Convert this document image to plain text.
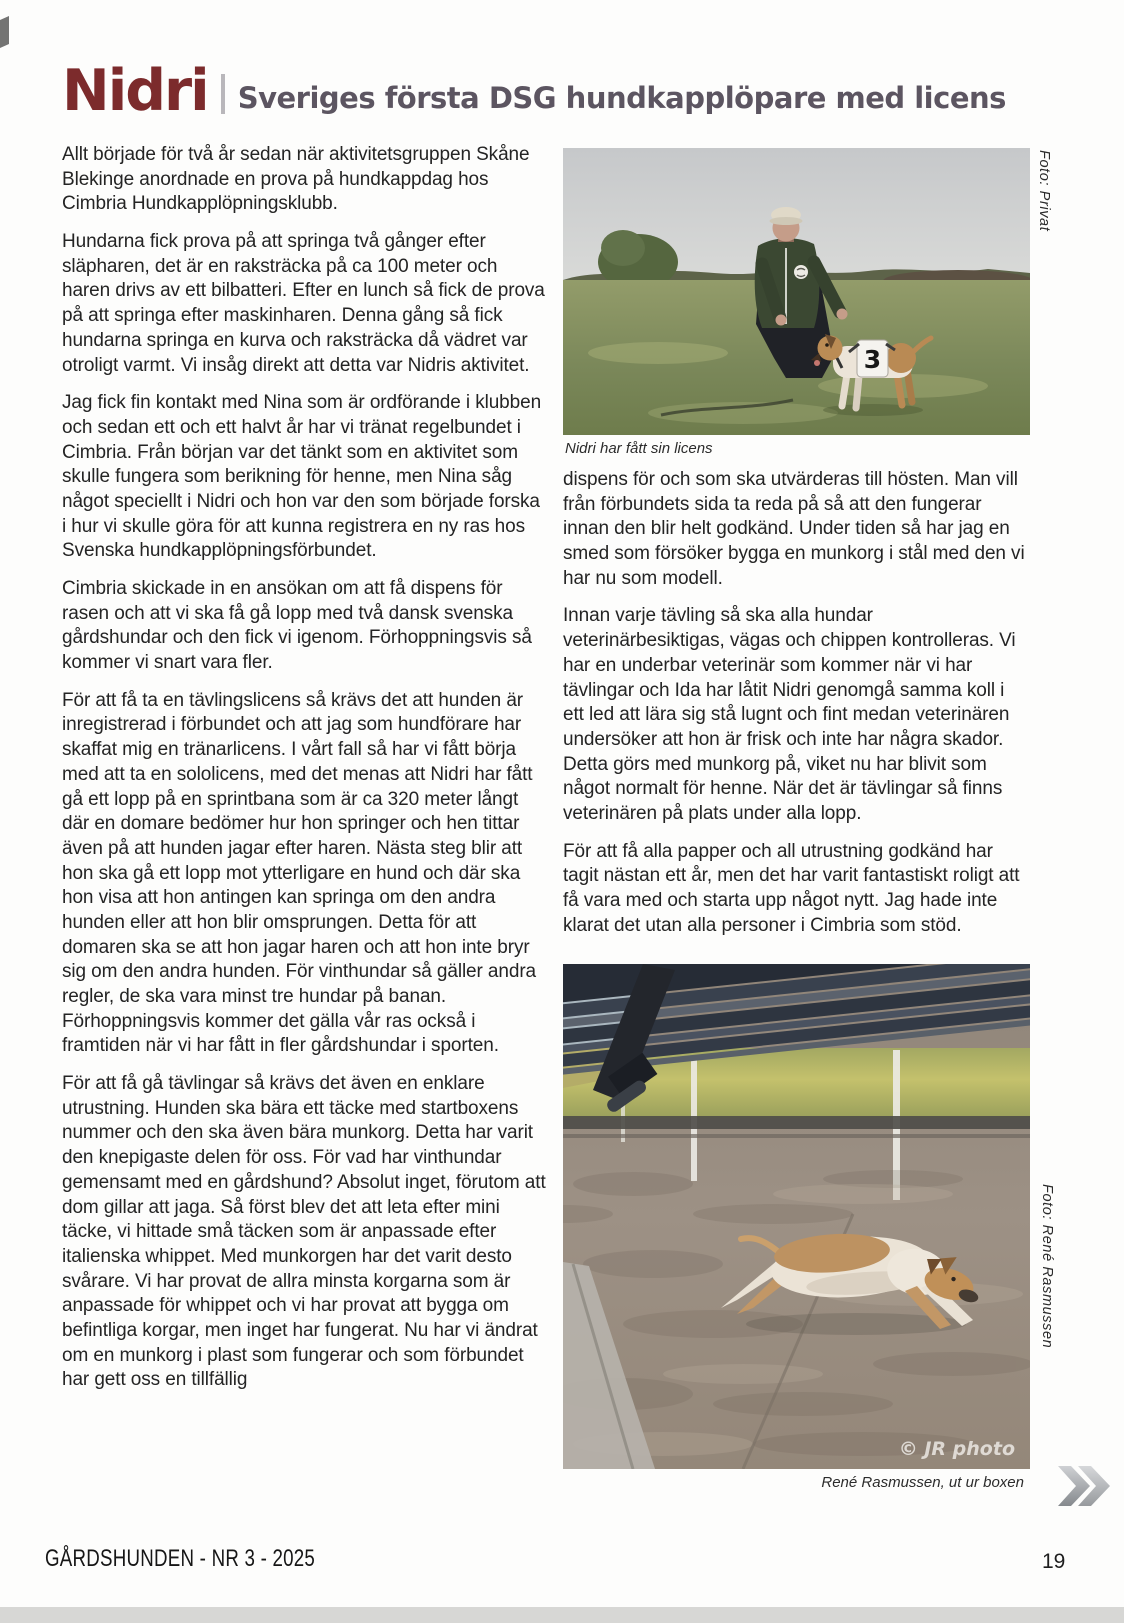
Nidri Sveriges första DSG hundkapplöpare med licens

Allt började för två år sedan när aktivitetsgruppen Skåne Blekinge anordnade en prova på hundkappdag hos Cimbria Hundkapplöpningsklubb.

Hundarna fick prova på att springa två gånger efter släpharen, det är en raksträcka på ca 100 meter och haren drivs av ett bilbatteri. Efter en lunch så fick de prova på att springa efter maskinharen. Denna gång så fick hundarna springa en kurva och raksträcka då vädret var otroligt varmt. Vi insåg direkt att detta var Nidris aktivitet.

Jag fick fin kontakt med Nina som är ordförande i klubben och sedan ett och ett halvt år har vi tränat regelbundet i Cimbria. Från början var det tänkt som en aktivitet som skulle fungera som berikning för henne, men Nina såg något speciellt i Nidri och hon var den som började forska i hur vi skulle göra för att kunna registrera en ny ras hos Svenska hundkapplöpningsförbundet.

Cimbria skickade in en ansökan om att få dispens för rasen och att vi ska få gå lopp med två dansk svenska gårdshundar och den fick vi igenom. Förhoppningsvis så kommer vi snart vara fler.

För att få ta en tävlingslicens så krävs det att hunden är inregistrerad i förbundet och att jag som hundförare har skaffat mig en tränarlicens. I vårt fall så har vi fått börja med att ta en sololicens, med det menas att Nidri har fått gå ett lopp på en sprintbana som är ca 320 meter långt där en domare bedömer hur hon springer och hen tittar även på att hunden jagar efter haren. Nästa steg blir att hon ska gå ett lopp mot ytterligare en hund och där ska hon visa att hon antingen kan springa om den andra hunden eller att hon blir omsprungen. Detta för att domaren ska se att hon jagar haren och att hon inte bryr sig om den andra hunden. För vinthundar så gäller andra regler, de ska vara minst tre hundar på banan. Förhoppningsvis kommer det gälla vår ras också i framtiden när vi har fått in fler gårdshundar i sporten.

För att få gå tävlingar så krävs det även en enklare utrustning. Hunden ska bära ett täcke med startboxens nummer och den ska även bära munkorg. Detta har varit den knepigaste delen för oss. För vad har vinthundar gemensamt med en gårdshund? Absolut inget, förutom att dom gillar att jaga. Så först blev det att leta efter mini täcke, vi hittade små täcken som är anpassade efter italienska whippet. Med munkorgen har det varit desto svårare. Vi har provat de allra minsta korgarna som är anpassade för whippet och vi har provat att bygga om befintliga korgar, men inget har fungerat. Nu har vi ändrat om en munkorg i plast som fungerar och som förbundet har gett oss en tillfällig

3
Nidri har fått sin licens

dispens för och som ska utvärderas till hösten. Man vill från förbundets sida ta reda på så att den fungerar innan den blir helt godkänd. Under tiden så har jag en smed som försöker bygga en munkorg i stål med den vi har nu som modell.

Innan varje tävling så ska alla hundar veterinärbesiktigas, vägas och chippen kontrolleras. Vi har en underbar veterinär som kommer när vi har tävlingar och Ida har låtit Nidri genomgå samma koll i ett led att lära sig stå lugnt och fint medan veterinären undersöker att hon är frisk och inte har några skador. Detta görs med munkorg på, viket nu har blivit som något normalt för henne. När det är tävlingar så finns veterinären på plats under alla lopp.

För att få alla papper och all utrustning godkänd har tagit nästan ett år, men det har varit fantastiskt roligt att få vara med och starta upp något nytt. Jag hade inte klarat det utan alla personer i Cimbria som stöd.

© JR photo
René Rasmussen, ut ur boxen
Foto: Privat
Foto: René Rasmussen
GÅRDSHUNDEN - NR 3 - 2025	19
